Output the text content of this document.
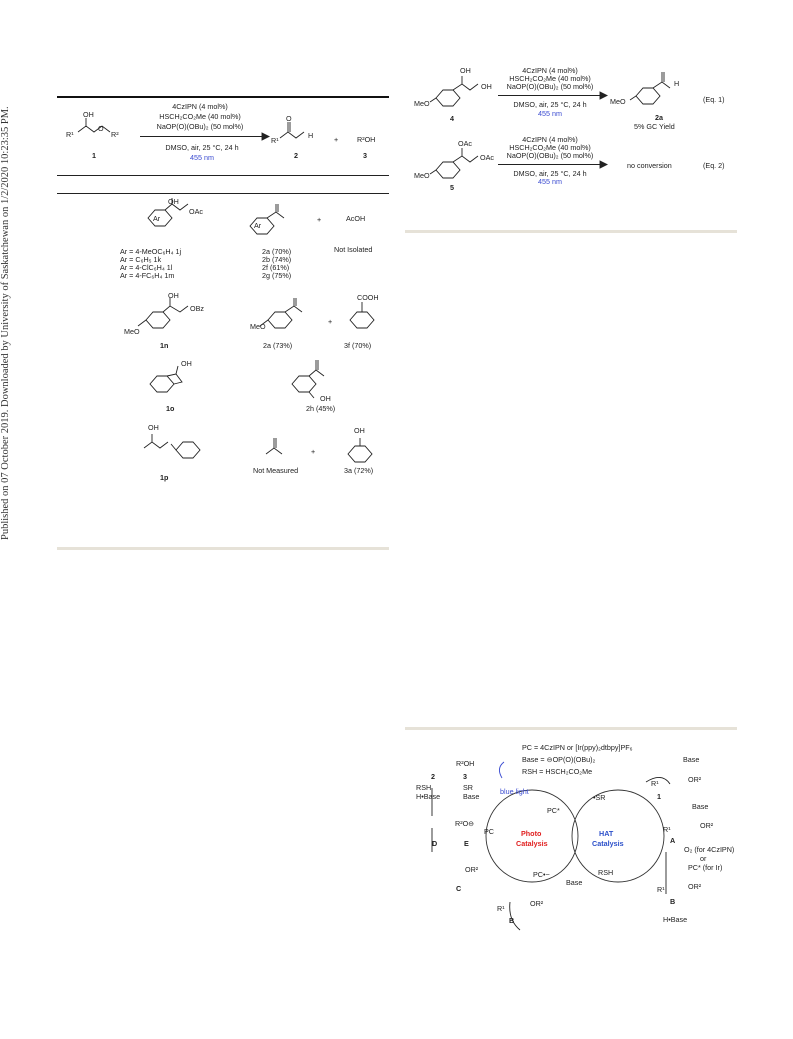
Published on 07 October 2019. Downloaded by University of Saskatchewan on 1/2/2020 10:23:35 PM.	OH
R¹
O
R²
1
4CzIPN (4 mol%)
HSCH₂CO₂Me (40 mol%)
NaOP(O)(OBu)₂ (50 mol%)
DMSO, air, 25 °C, 24 h
455 nm
O
R¹
H
2
+	R²OH
3
OH
OAc
Ar
Ar
+	AcOH
Not Isolated
Ar = 4-MeOC₆H₄ 1j
Ar = C₆H₅ 1k
Ar = 4-ClC₆H₄ 1l
Ar = 4-FC₆H₄ 1m
2a (70%)
2b (74%)
2f (61%)
2g (75%)
OH
OBz
MeO
1n
MeO
+
COOH
2a (73%)	3f (70%)
OH
1o
OH
2h (45%)
OH
1p
+
OH
Not Measured	3a (72%)
OH
OH
MeO
4
4CzIPN (4 mol%)
HSCH₂CO₂Me (40 mol%)
NaOP(O)(OBu)₂ (50 mol%)
DMSO, air, 25 °C, 24 h
455 nm
H
MeO
2a
5% GC Yield
(Eq. 1)
OAc
OAc
MeO
5
4CzIPN (4 mol%)
HSCH₂CO₂Me (40 mol%)
NaOP(O)(OBu)₂ (50 mol%)
DMSO, air, 25 °C, 24 h
455 nm
no conversion	(Eq. 2)
PC = 4CzIPN or [Ir(ppy)₂dtbpy]PF₆
Base = ⊖OP(O)(OBu)₂
RSH = HSCH₂CO₂Me
Photo
Catalysis
HAT
Catalysis
PC
PC*
PC•−
blue light
•SR
RSH
Base
2
R²OH
3
RSH
H•Base
SR
Base
D
R²O⊖
E
OR²
C
R¹
OR²
B
Base
OR²
R¹
1
Base
OR²
R¹
A
O₂ (for 4CzIPN)
or
PC* (for Ir)
R¹	OR²
B
H•Base
